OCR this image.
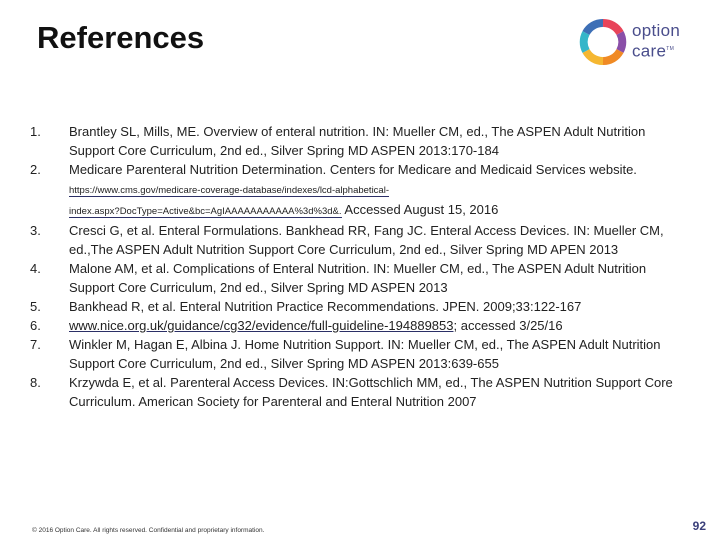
References	option
care™
1.	Brantley SL, Mills, ME. Overview of enteral nutrition. IN: Mueller CM, ed., The ASPEN Adult Nutrition Support Core Curriculum, 2nd ed., Silver Spring MD ASPEN 2013:170-184
2.	Medicare Parenteral Nutrition Determination. Centers for Medicare and Medicaid Services website. https://www.cms.gov/medicare-coverage-database/indexes/lcd-alphabetical-
index.aspx?DocType=Active&bc=AgIAAAAAAAAAAA%3d%3d&. Accessed August 15, 2016
3.	Cresci G, et al. Enteral Formulations. Bankhead RR, Fang JC. Enteral Access Devices. IN: Mueller CM, ed.,The ASPEN Adult Nutrition Support Core Curriculum, 2nd ed., Silver Spring MD APEN 2013
4.	Malone AM, et al. Complications of Enteral Nutrition. IN: Mueller CM, ed., The ASPEN Adult Nutrition Support Core Curriculum, 2nd ed., Silver Spring MD ASPEN 2013
5.	Bankhead R, et al. Enteral Nutrition Practice Recommendations. JPEN. 2009;33:122-167
6.	www.nice.org.uk/guidance/cg32/evidence/full-guideline-194889853; accessed 3/25/16
7.	Winkler M, Hagan E, Albina J. Home Nutrition Support. IN: Mueller CM, ed., The ASPEN Adult Nutrition Support Core Curriculum, 2nd ed., Silver Spring MD ASPEN 2013:639-655
8.	Krzywda E, et al. Parenteral Access Devices. IN:Gottschlich MM, ed., The ASPEN Nutrition Support Core Curriculum. American Society for Parenteral and Enteral Nutrition 2007
© 2016 Option Care. All rights reserved. Confidential and proprietary information.	92
